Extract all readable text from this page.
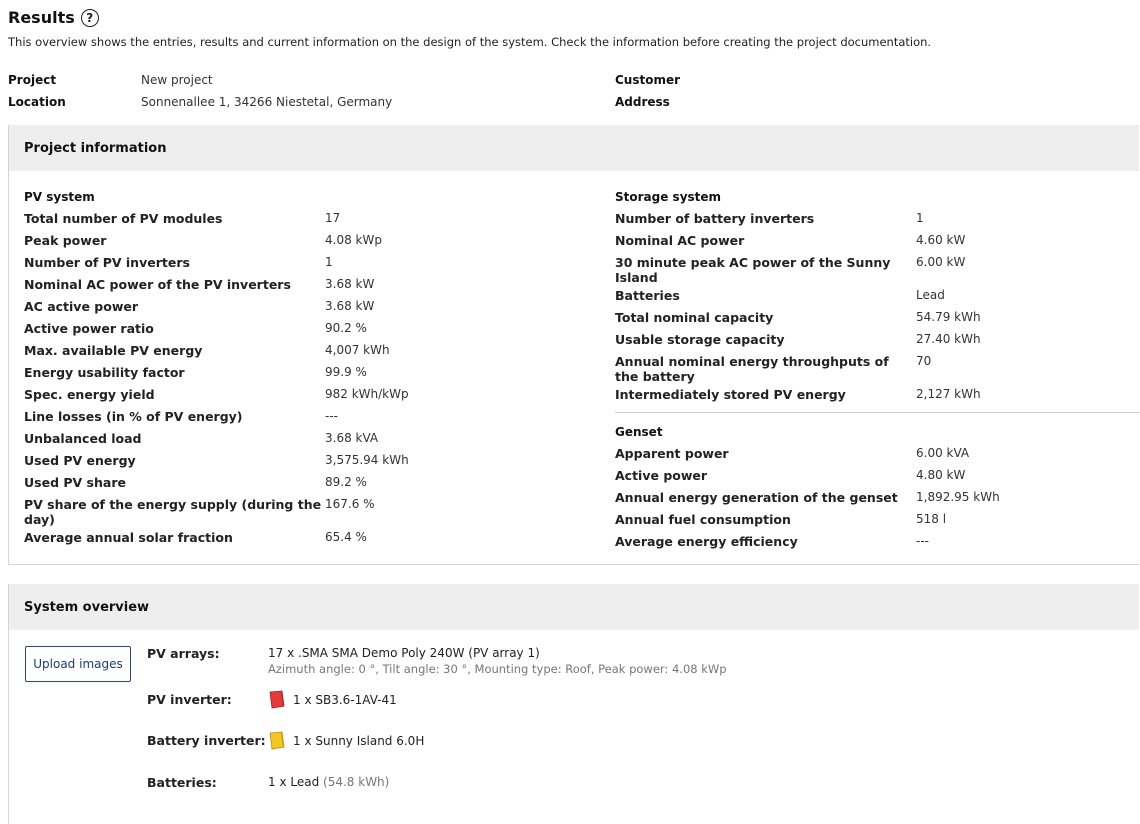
Results ?
This overview shows the entries, results and current information on the design of the system. Check the information before creating the project documentation.
Project	New project
Location	Sonnenallee 1, 34266 Niestetal, Germany
Customer
Address
Project information
PV system
Total number of PV modules	17
Peak power	4.08 kWp
Number of PV inverters	1
Nominal AC power of the PV inverters	3.68 kW
AC active power	3.68 kW
Active power ratio	90.2 %
Max. available PV energy	4,007 kWh
Energy usability factor	99.9 %
Spec. energy yield	982 kWh/kWp
Line losses (in % of PV energy)	---
Unbalanced load	3.68 kVA
Used PV energy	3,575.94 kWh
Used PV share	89.2 %
PV share of the energy supply (during the day)
167.6 %
Average annual solar fraction	65.4 %
Storage system
Number of battery inverters	1
Nominal AC power	4.60 kW
30 minute peak AC power of the Sunny Island
6.00 kW
Batteries	Lead
Total nominal capacity	54.79 kWh
Usable storage capacity	27.40 kWh
Annual nominal energy throughputs of the battery
70
Intermediately stored PV energy	2,127 kWh
Genset
Apparent power	6.00 kVA
Active power	4.80 kW
Annual energy generation of the genset	1,892.95 kWh
Annual fuel consumption	518 l
Average energy efficiency	---
System overview
Upload images
PV arrays:	17 x .SMA SMA Demo Poly 240W (PV array 1)
Azimuth angle: 0 °, Tilt angle: 30 °, Mounting type: Roof, Peak power: 4.08 kWp
PV inverter:	1 x SB3.6-1AV-41
Battery inverter: 1 x Sunny Island 6.0H
Batteries:	1 x Lead
(54.8 kWh)
